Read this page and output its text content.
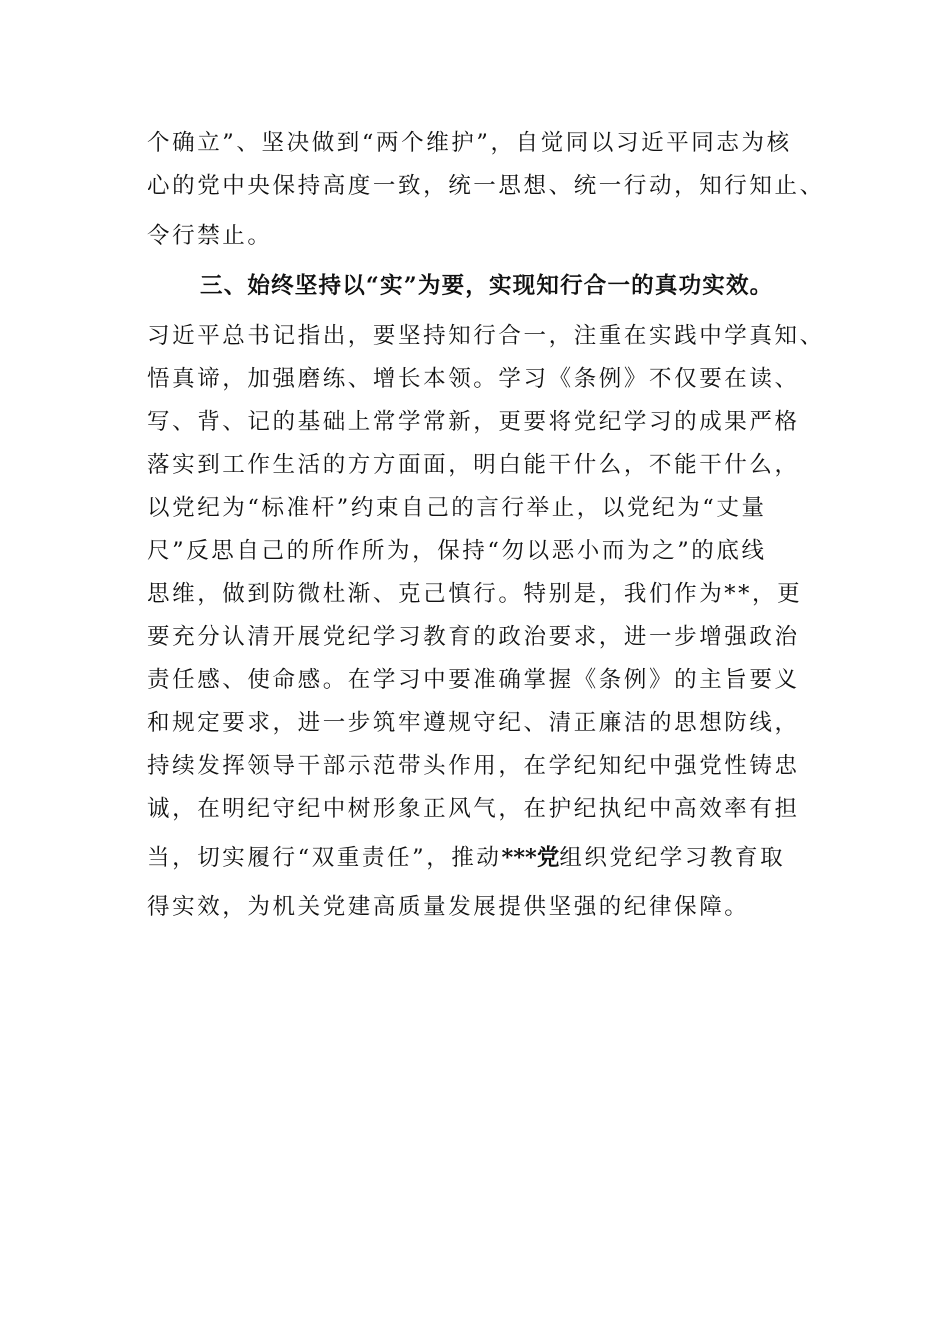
个确立”、坚决做到“两个维护”，自觉同以习近平同志为核
心的党中央保持高度一致，统一思想、统一行动，知行知止、
令行禁止。
三、始终坚持以“实”为要，实现知行合一的真功实效。
习近平总书记指出，要坚持知行合一，注重在实践中学真知、
悟真谛，加强磨练、增长本领。学习《条例》不仅要在读、
写、背、记的基础上常学常新，更要将党纪学习的成果严格
落实到工作生活的方方面面，明白能干什么，不能干什么，
以党纪为“标准杆”约束自己的言行举止，以党纪为“丈量
尺”反思自己的所作所为，保持“勿以恶小而为之”的底线
思维，做到防微杜渐、克己慎行。特别是，我们作为**，更
要充分认清开展党纪学习教育的政治要求，进一步增强政治
责任感、使命感。在学习中要准确掌握《条例》的主旨要义
和规定要求，进一步筑牢遵规守纪、清正廉洁的思想防线，
持续发挥领导干部示范带头作用，在学纪知纪中强党性铸忠
诚，在明纪守纪中树形象正风气，在护纪执纪中高效率有担
当，切实履行“双重责任”，推动***党组织党纪学习教育取
得实效，为机关党建高质量发展提供坚强的纪律保障。
